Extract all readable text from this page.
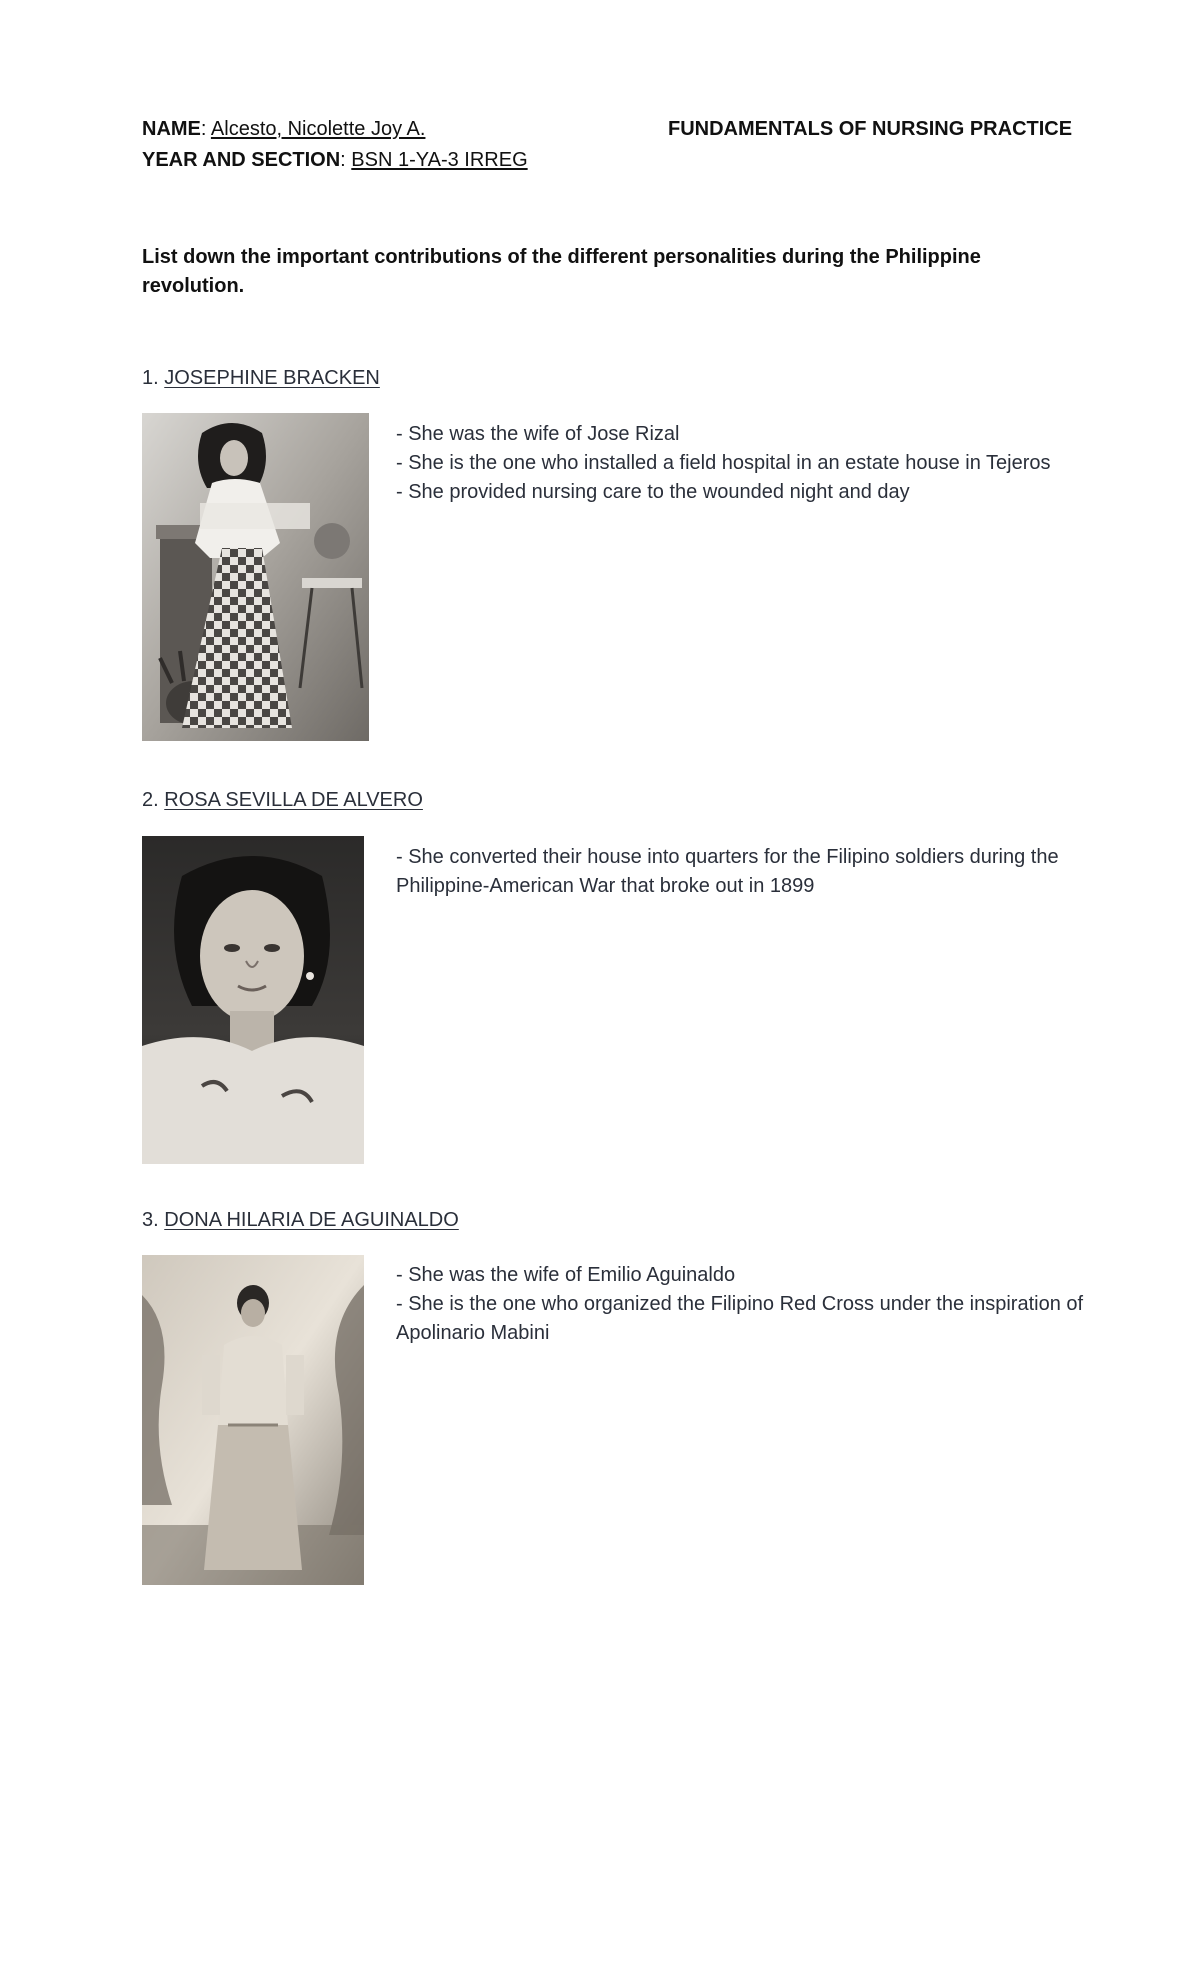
NAME: Alcesto, Nicolette Joy A.
YEAR AND SECTION: BSN 1-YA-3 IRREG
FUNDAMENTALS OF NURSING PRACTICE
List down the important contributions of the different personalities during the Philippine revolution.
1. JOSEPHINE BRACKEN
- She was the wife of Jose Rizal
- She is the one who installed a field hospital in an estate house in Tejeros
- She provided nursing care to the wounded night and day
2. ROSA SEVILLA DE ALVERO
- She converted their house into quarters for the Filipino soldiers during the Philippine-American War that broke out in 1899
3. DONA HILARIA DE AGUINALDO
- She was the wife of Emilio Aguinaldo
- She is the one who organized the Filipino Red Cross under the inspiration of Apolinario Mabini
